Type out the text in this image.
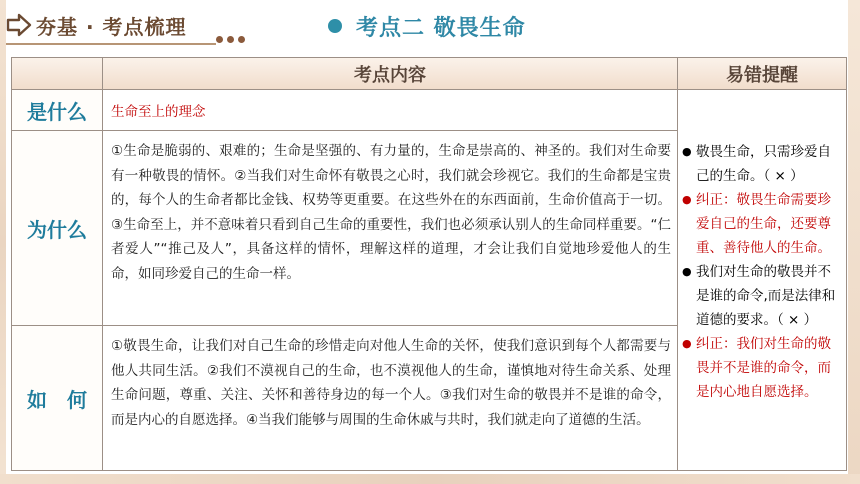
夯基 · 考点梳理	考点二 敬畏生命
考点内容	易错提醒
是什么 生命至上的理念
为什么
①生命是脆弱的、艰难的；生命是坚强的、有力量的，生命是崇高的、神圣的。我们对生命要有一种敬畏的情怀。②当我们对生命怀有敬畏之心时，我们就会珍视它。我们的生命都是宝贵的，每个人的生命者都比金钱、权势等更重要。在这些外在的东西面前，生命价值高于一切。③生命至上，并不意味着只看到自己生命的重要性，我们也必须承认别人的生命同样重要。“仁者爱人”“推己及人”，具备这样的情怀，理解这样的道理，才会让我们自觉地珍爱他人的生命，如同珍爱自己的生命一样。
如　何
①敬畏生命，让我们对自己生命的珍惜走向对他人生命的关怀，使我们意识到每个人都需要与他人共同生活。②我们不漠视自己的生命，也不漠视他人的生命，谨慎地对待生命关系、处理生命问题，尊重、关注、关怀和善待身边的每一个人。③我们对生命的敬畏并不是谁的命令，而是内心的自愿选择。④当我们能够与周围的生命休戚与共时，我们就走向了道德的生活。
● 敬畏生命，只需珍爱自己的生命。（ × ）
● 纠正：敬畏生命需要珍爱自己的生命，还要尊重、善待他人的生命。
● 我们对生命的敬畏并不是谁的命令,而是法律和道德的要求。（ × ）
● 纠正：我们对生命的敬畏并不是谁的命令，而是内心地自愿选择。
